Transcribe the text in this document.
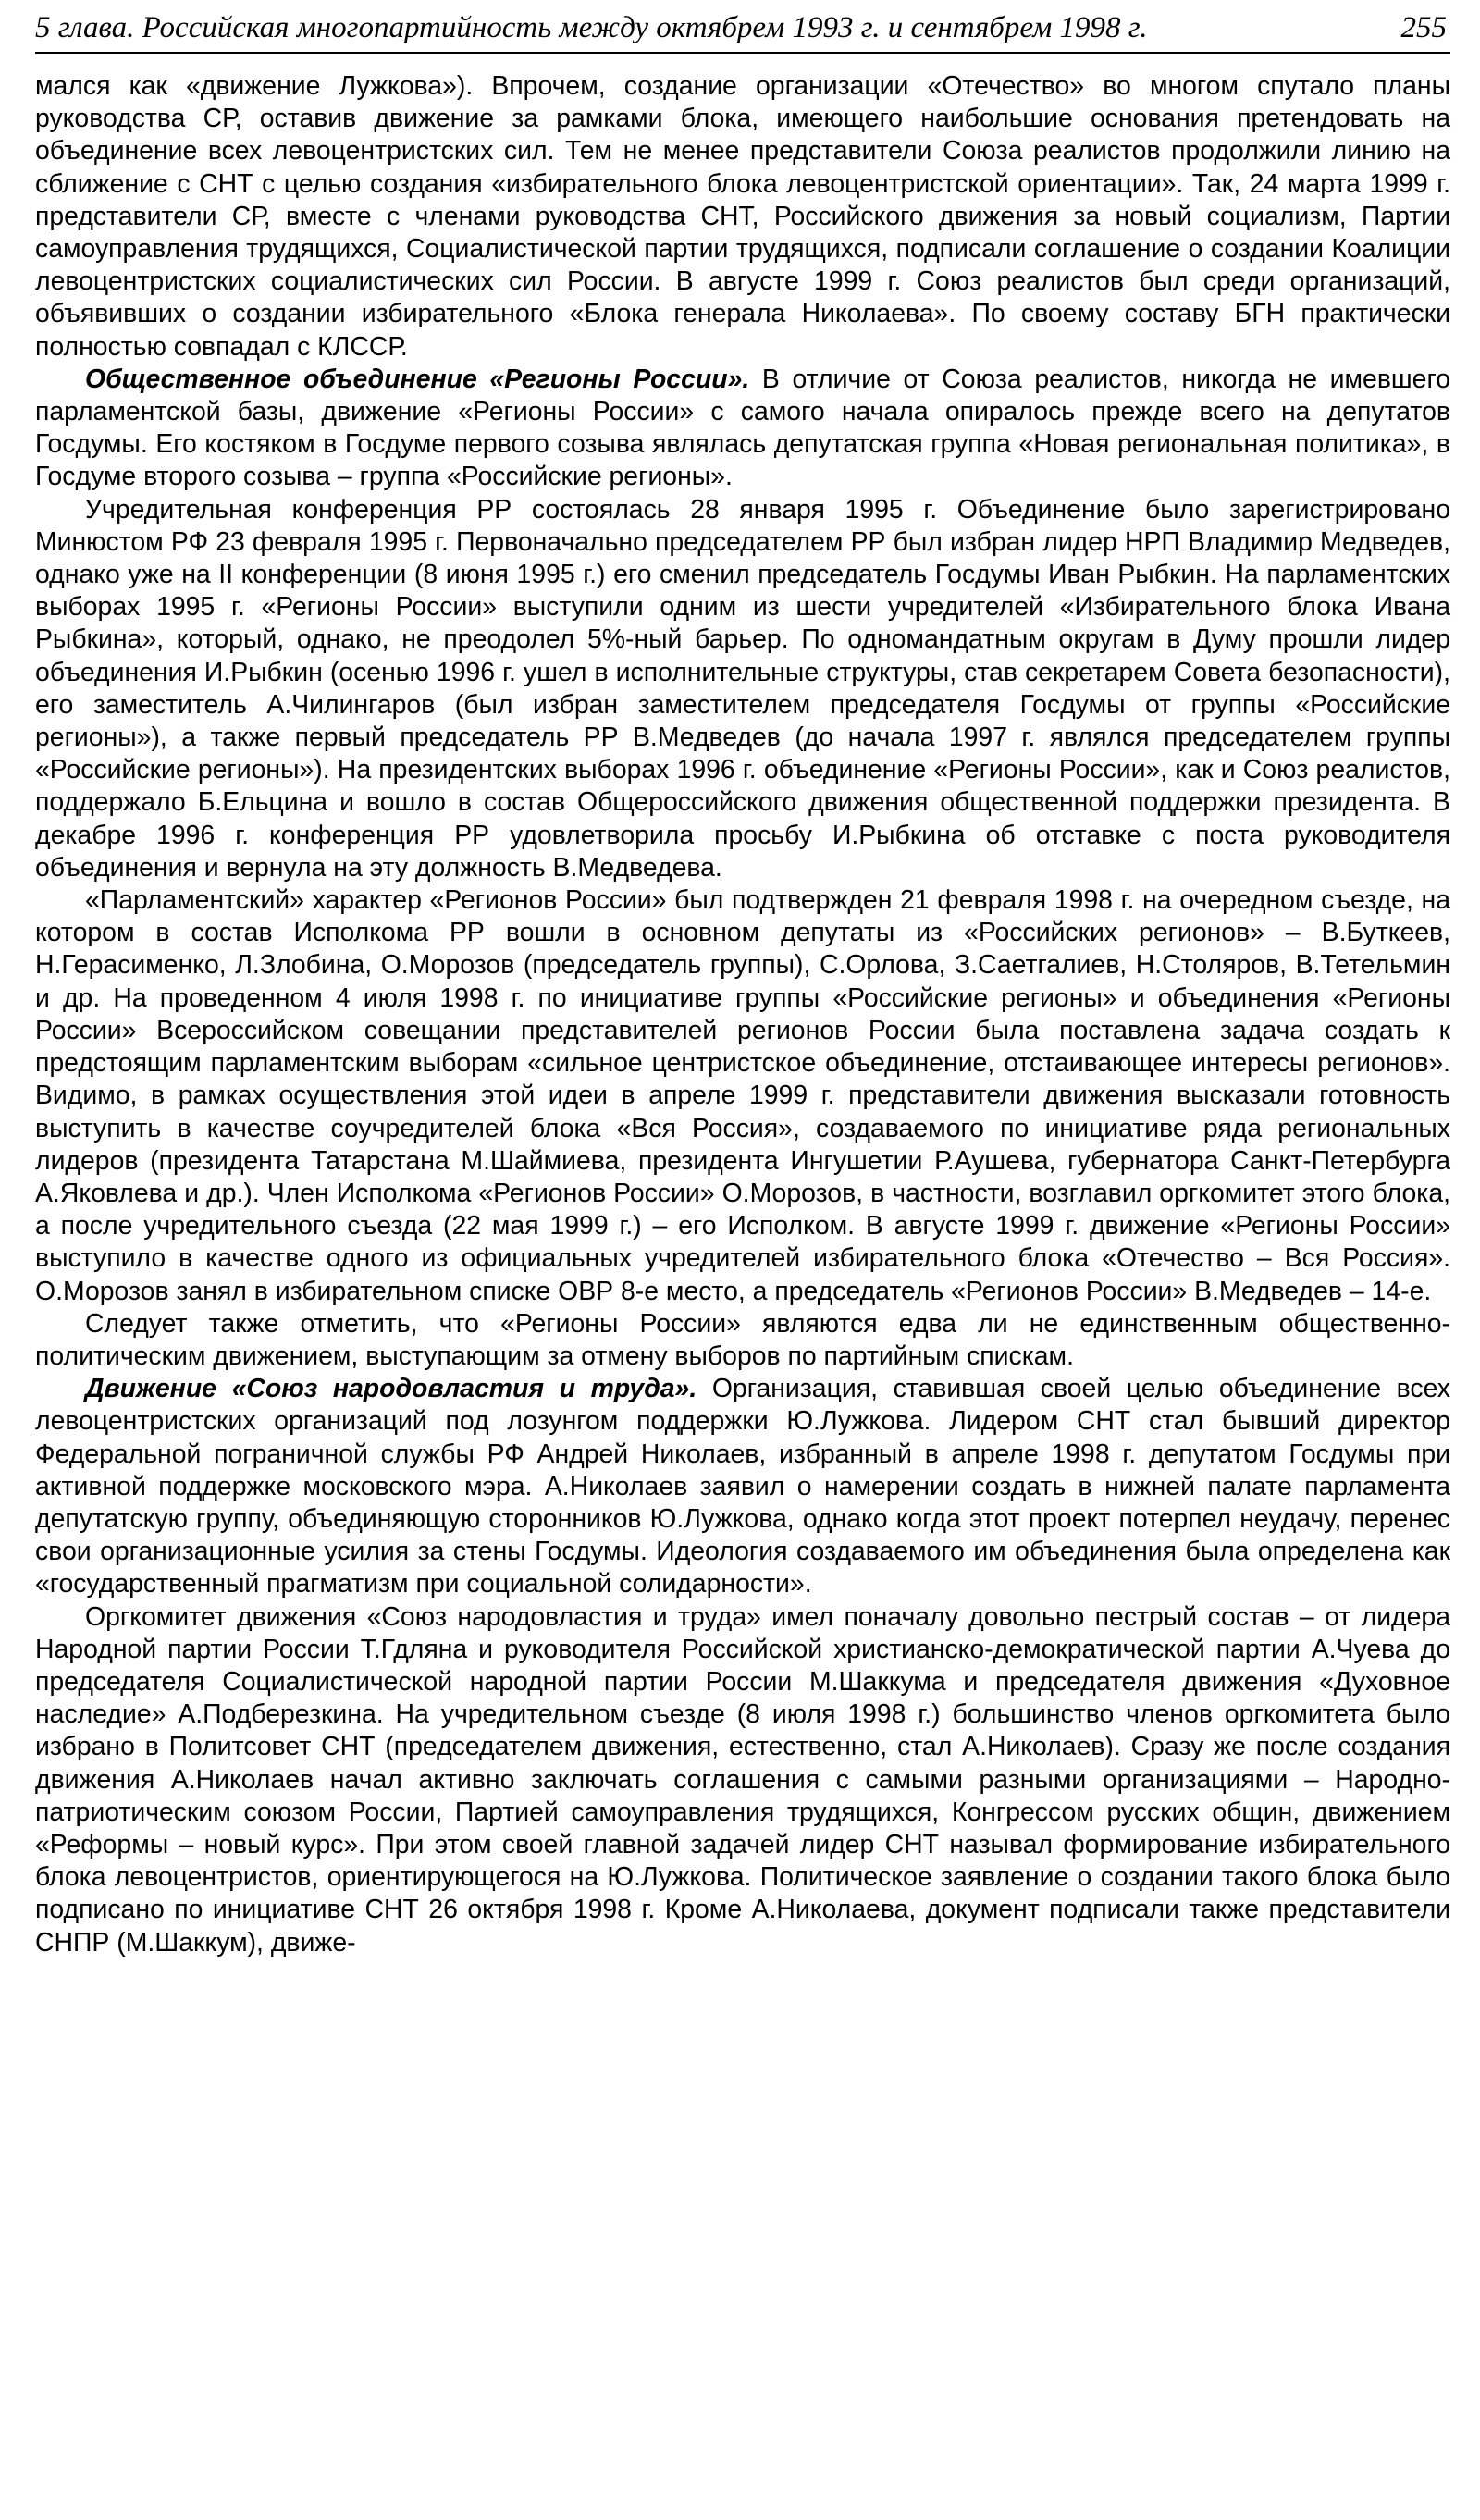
5 глава. Российская многопартийность между октябрем 1993 г. и сентябрем 1998 г.	255

мался как «движение Лужкова»). Впрочем, создание организации «Отечество» во многом спутало планы руководства СР, оставив движение за рамками блока, имеющего наибольшие основания претендовать на объединение всех левоцентристских сил. Тем не менее представители Союза реалистов продолжили линию на сближение с СНТ с целью создания «избирательного блока левоцентристской ориентации». Так, 24 марта 1999 г. представители СР, вместе с членами руководства СНТ, Российского движения за новый социализм, Партии самоуправления трудящихся, Социалистической партии трудящихся, подписали соглашение о создании Коалиции левоцентристских социалистических сил России. В августе 1999 г. Союз реалистов был среди организаций, объявивших о создании избирательного «Блока генерала Николаева». По своему составу БГН практически полностью совпадал с КЛССР.

Общественное объединение «Регионы России». В отличие от Союза реалистов, никогда не имевшего парламентской базы, движение «Регионы России» с самого начала опиралось прежде всего на депутатов Госдумы. Его костяком в Госдуме первого созыва являлась депутатская группа «Новая региональная политика», в Госдуме второго созыва – группа «Российские регионы».

Учредительная конференция РР состоялась 28 января 1995 г. Объединение было зарегистрировано Минюстом РФ 23 февраля 1995 г. Первоначально председателем РР был избран лидер НРП Владимир Медведев, однако уже на II конференции (8 июня 1995 г.) его сменил председатель Госдумы Иван Рыбкин. На парламентских выборах 1995 г. «Регионы России» выступили одним из шести учредителей «Избирательного блока Ивана Рыбкина», который, однако, не преодолел 5%-ный барьер. По одномандатным округам в Думу прошли лидер объединения И.Рыбкин (осенью 1996 г. ушел в исполнительные структуры, став секретарем Совета безопасности), его заместитель А.Чилингаров (был избран заместителем председателя Госдумы от группы «Российские регионы»), а также первый председатель РР В.Медведев (до начала 1997 г. являлся председателем группы «Российские регионы»). На президентских выборах 1996 г. объединение «Регионы России», как и Союз реалистов, поддержало Б.Ельцина и вошло в состав Общероссийского движения общественной поддержки президента. В декабре 1996 г. конференция РР удовлетворила просьбу И.Рыбкина об отставке с поста руководителя объединения и вернула на эту должность В.Медведева.

«Парламентский» характер «Регионов России» был подтвержден 21 февраля 1998 г. на очередном съезде, на котором в состав Исполкома РР вошли в основном депутаты из «Российских регионов» – В.Буткеев, Н.Герасименко, Л.Злобина, О.Морозов (председатель группы), С.Орлова, З.Саетгалиев, Н.Столяров, В.Тетельмин и др. На проведенном 4 июля 1998 г. по инициативе группы «Российские регионы» и объединения «Регионы России» Всероссийском совещании представителей регионов России была поставлена задача создать к предстоящим парламентским выборам «сильное центристское объединение, отстаивающее интересы регионов». Видимо, в рамках осуществления этой идеи в апреле 1999 г. представители движения высказали готовность выступить в качестве соучредителей блока «Вся Россия», создаваемого по инициативе ряда региональных лидеров (президента Татарстана М.Шаймиева, президента Ингушетии Р.Аушева, губернатора Санкт-Петербурга А.Яковлева и др.). Член Исполкома «Регионов России» О.Морозов, в частности, возглавил оргкомитет этого блока, а после учредительного съезда (22 мая 1999 г.) – его Исполком. В августе 1999 г. движение «Регионы России» выступило в качестве одного из официальных учредителей избирательного блока «Отечество – Вся Россия». О.Морозов занял в избирательном списке ОВР 8-е место, а председатель «Регионов России» В.Медведев – 14-е.

Следует также отметить, что «Регионы России» являются едва ли не единственным общественно-политическим движением, выступающим за отмену выборов по партийным спискам.

Движение «Союз народовластия и труда». Организация, ставившая своей целью объединение всех левоцентристских организаций под лозунгом поддержки Ю.Лужкова. Лидером СНТ стал бывший директор Федеральной пограничной службы РФ Андрей Николаев, избранный в апреле 1998 г. депутатом Госдумы при активной поддержке московского мэра. А.Николаев заявил о намерении создать в нижней палате парламента депутатскую группу, объединяющую сторонников Ю.Лужкова, однако когда этот проект потерпел неудачу, перенес свои организационные усилия за стены Госдумы. Идеология создаваемого им объединения была определена как «государственный прагматизм при социальной солидарности».

Оргкомитет движения «Союз народовластия и труда» имел поначалу довольно пестрый состав – от лидера Народной партии России Т.Гдляна и руководителя Российской христианско-демократической партии А.Чуева до председателя Социалистической народной партии России М.Шаккума и председателя движения «Духовное наследие» А.Подберезкина. На учредительном съезде (8 июля 1998 г.) большинство членов оргкомитета было избрано в Политсовет СНТ (председателем движения, естественно, стал А.Николаев). Сразу же после создания движения А.Николаев начал активно заключать соглашения с самыми разными организациями – Народно-патриотическим союзом России, Партией самоуправления трудящихся, Конгрессом русских общин, движением «Реформы – новый курс». При этом своей главной задачей лидер СНТ называл формирование избирательного блока левоцентристов, ориентирующегося на Ю.Лужкова. Политическое заявление о создании такого блока было подписано по инициативе СНТ 26 октября 1998 г. Кроме А.Николаева, документ подписали также представители СНПР (М.Шаккум), движе-
